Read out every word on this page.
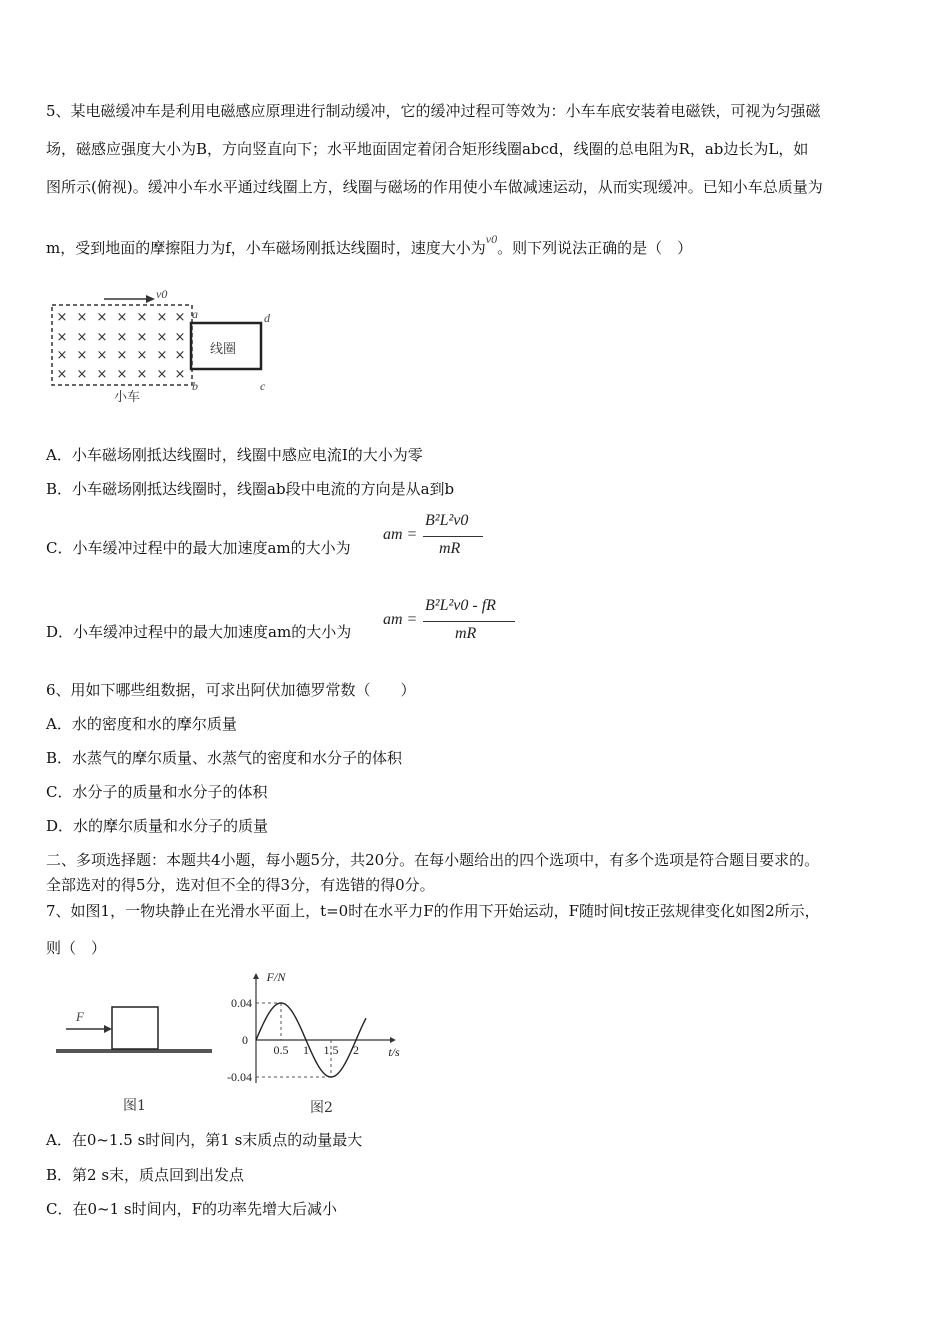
5、某电磁缓冲车是利用电磁感应原理进行制动缓冲，它的缓冲过程可等效为：小车车底安装着电磁铁，可视为匀强磁
场，磁感应强度大小为B，方向竖直向下；水平地面固定着闭合矩形线圈abcd，线圈的总电阻为R，ab边长为L，如
图所示(俯视)。缓冲小车水平通过线圈上方，线圈与磁场的作用使小车做减速运动，从而实现缓冲。已知小车总质量为
m，受到地面的摩擦阻力为f，小车磁场刚抵达线圈时，速度大小为$^{v0}$。则下列说法正确的是（　）
× × × × × × ×
× × × × × × ×
× × × × × × ×
× × × × × × ×
v0
线圈
小车
a
b	c
d
A．小车磁场刚抵达线圈时，线圈中感应电流I的大小为零
B．小车磁场刚抵达线圈时，线圈ab段中电流的方向是从a到b
C．小车缓冲过程中的最大加速度am的大小为
am =
B²L²v0
mR
D．小车缓冲过程中的最大加速度am的大小为
am =
B²L²v0 - fR
mR
6、用如下哪些组数据，可求出阿伏加德罗常数（　　）
A．水的密度和水的摩尔质量
B．水蒸气的摩尔质量、水蒸气的密度和水分子的体积
C．水分子的质量和水分子的体积
D．水的摩尔质量和水分子的质量
二、多项选择题：本题共4小题，每小题5分，共20分。在每小题给出的四个选项中，有多个选项是符合题目要求的。
全部选对的得5分，选对但不全的得3分，有选错的得0分。
7、如图1，一物块静止在光滑水平面上，t=0时在水平力F的作用下开始运动，F随时间t按正弦规律变化如图2所示，
则（　）
F
图1
F/N
t/s
0.04
0
-0.04
0.5 1 1.5 2
图2
A．在0~1.5 s时间内，第1 s末质点的动量最大
B．第2 s末，质点回到出发点
C．在0~1 s时间内，F的功率先增大后减小
